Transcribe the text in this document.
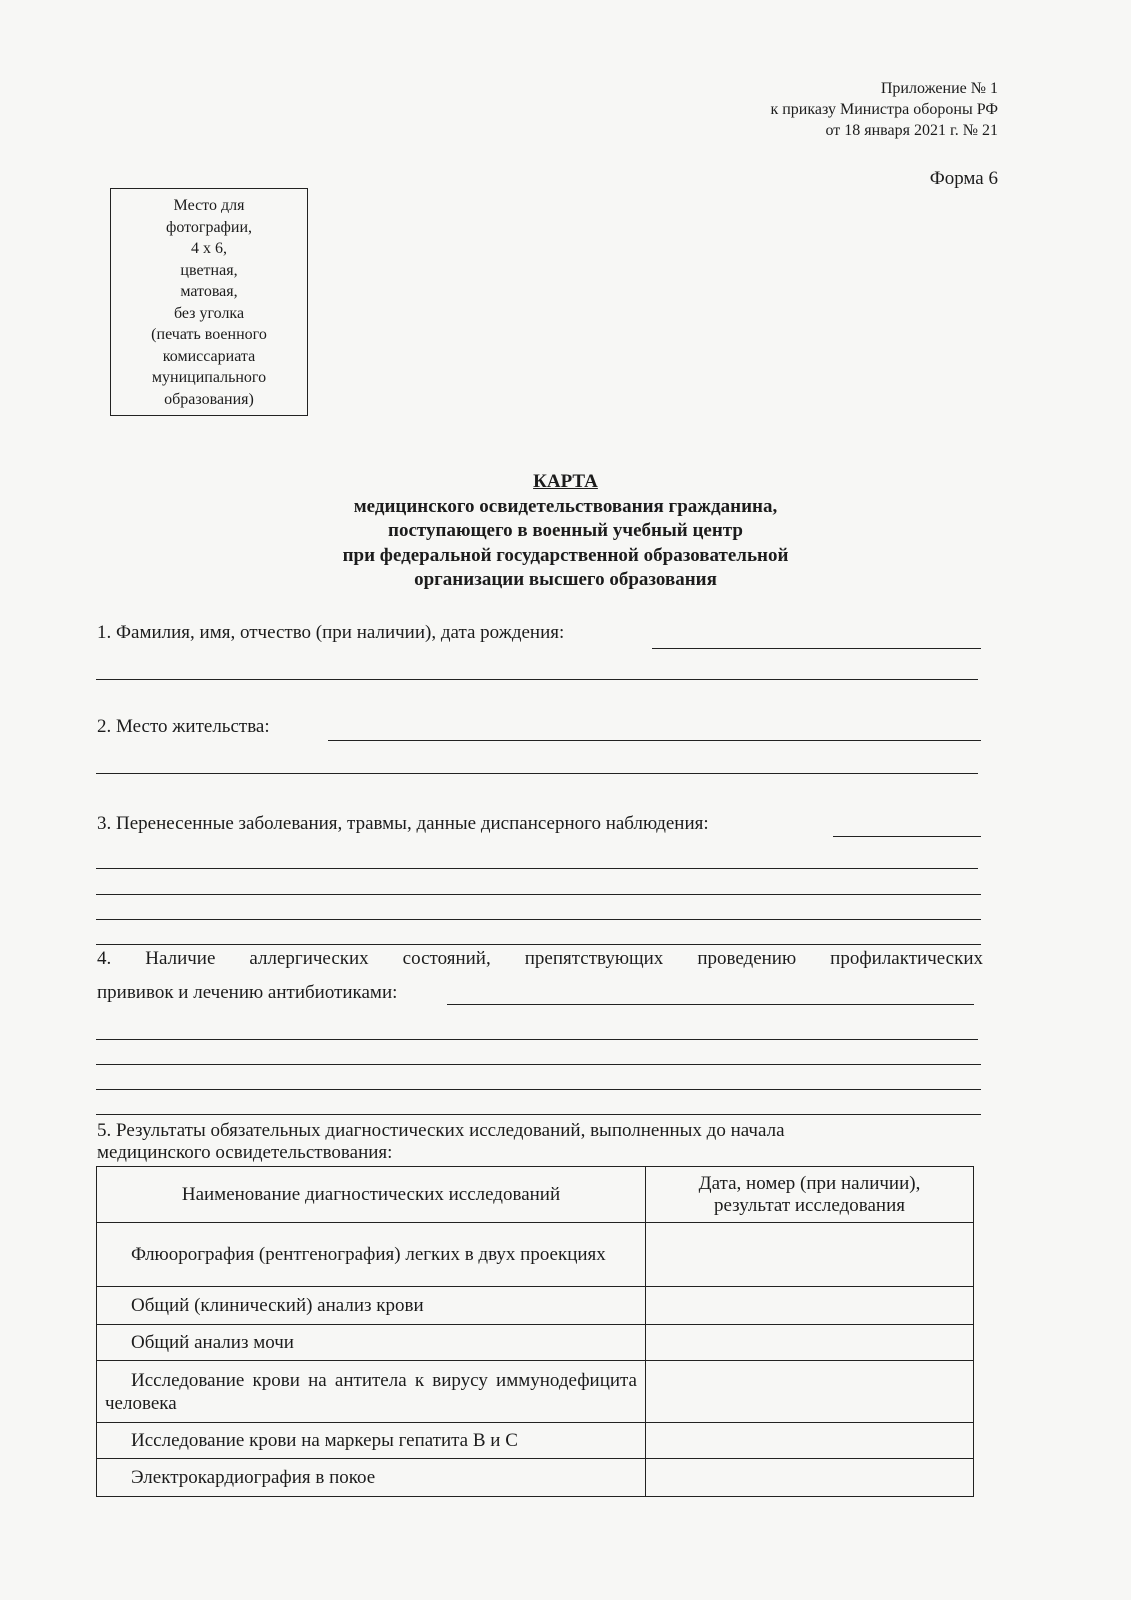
Приложение № 1
к приказу Министра обороны РФ
от 18 января 2021 г. № 21
Форма 6
Место для
фотографии,
4 х 6,
цветная,
матовая,
без уголка
(печать военного
комиссариата
муниципального
образования)
КАРТА
медицинского освидетельствования гражданина,
поступающего в военный учебный центр
при федеральной государственной образовательной
организации высшего образования
1. Фамилия, имя, отчество (при наличии), дата рождения:
2. Место жительства:
3. Перенесенные заболевания, травмы, данные диспансерного наблюдения:
4. Наличие аллергических состояний, препятствующих проведению профилактических
прививок и лечению антибиотиками:
5. Результаты обязательных диагностических исследований, выполненных до начала
медицинского освидетельствования:
Наименование диагностических исследований	Дата, номер (при наличии),
результат исследования

Флюорография (рентгенография) легких в двух проекциях	
Общий (клинический) анализ крови	
Общий анализ мочи	
Исследование крови на антитела к вирусу иммунодефицита человека	
Исследование крови на маркеры гепатита В и С	
Электрокардиография в покое	
